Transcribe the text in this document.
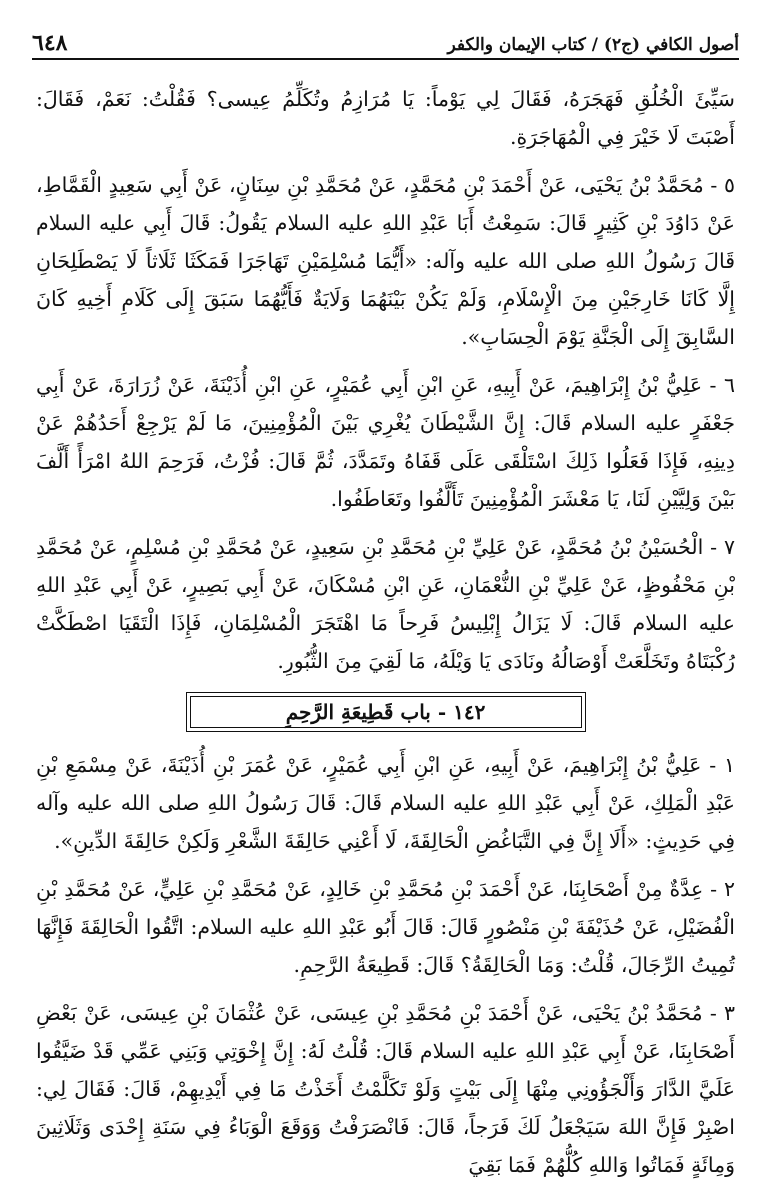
أصول الكافي (ج٢) / كتاب الإيمان والكفر
٦٤٨

سَيِّئَ الْخُلُقِ فَهَجَرَهُ، فَقَالَ لِي يَوْماً: يَا مُرَازِمُ وتُكَلِّمُ عِيسى؟ فَقُلْتُ: نَعَمْ، فَقَالَ: أَصْبَتَ لَا خَيْرَ فِي الْمُهَاجَرَةِ.

٥ - مُحَمَّدُ بْنُ يَحْيَى، عَنْ أَحْمَدَ بْنِ مُحَمَّدٍ، عَنْ مُحَمَّدِ بْنِ سِنَانٍ، عَنْ أَبِي سَعِيدٍ الْقَمَّاطِ، عَنْ دَاوُدَ بْنِ كَثِيرٍ قَالَ: سَمِعْتُ أَبَا عَبْدِ اللهِ عليه السلام يَقُولُ: قَالَ أَبِي عليه السلام قَالَ رَسُولُ اللهِ صلى الله عليه وآله: «أَيُّمَا مُسْلِمَيْنِ تَهَاجَرَا فَمَكَثَا ثَلَاثاً لَا يَصْطَلِحَانِ إِلَّا كَانَا خَارِجَيْنِ مِنَ الْإِسْلَامِ، وَلَمْ يَكُنْ بَيْنَهُمَا وَلَايَةٌ فَأَيُّهُمَا سَبَقَ إِلَى كَلَامِ أَخِيهِ كَانَ السَّابِقَ إِلَى الْجَنَّةِ يَوْمَ الْحِسَابِ».

٦ - عَلِيُّ بْنُ إِبْرَاهِيمَ، عَنْ أَبِيهِ، عَنِ ابْنِ أَبِي عُمَيْرٍ، عَنِ ابْنِ أُذَيْنَةَ، عَنْ زُرَارَةَ، عَنْ أَبِي جَعْفَرٍ عليه السلام قَالَ: إِنَّ الشَّيْطَانَ يُغْرِي بَيْنَ الْمُؤْمِنِينَ، مَا لَمْ يَرْجِعْ أَحَدُهُمْ عَنْ دِينِهِ، فَإِذَا فَعَلُوا ذَلِكَ اسْتَلْقَى عَلَى قَفَاهُ وتَمَدَّدَ، ثُمَّ قَالَ: فُزْتُ، فَرَحِمَ اللهُ امْرَأً أَلَّفَ بَيْنَ وَلِيَّيْنِ لَنَا، يَا مَعْشَرَ الْمُؤْمِنِينَ تَأَلَّفُوا وتَعَاطَفُوا.

٧ - الْحُسَيْنُ بْنُ مُحَمَّدٍ، عَنْ عَلِيِّ بْنِ مُحَمَّدِ بْنِ سَعِيدٍ، عَنْ مُحَمَّدِ بْنِ مُسْلِمٍ، عَنْ مُحَمَّدِ بْنِ مَحْفُوظٍ، عَنْ عَلِيِّ بْنِ النُّعْمَانِ، عَنِ ابْنِ مُسْكَانَ، عَنْ أَبِي بَصِيرٍ، عَنْ أَبِي عَبْدِ اللهِ عليه السلام قَالَ: لَا يَزَالُ إِبْلِيسُ فَرِحاً مَا اهْتَجَرَ الْمُسْلِمَانِ، فَإِذَا الْتَقَيَا اصْطَكَّتْ رُكْبَتَاهُ وتَخَلَّعَتْ أَوْصَالُهُ ونَادَى يَا وَيْلَهُ، مَا لَقِيَ مِنَ الثُّبُورِ.

١٤٢ - باب قَطِيعَةِ الرَّحِمِ

١ - عَلِيُّ بْنُ إِبْرَاهِيمَ، عَنْ أَبِيهِ، عَنِ ابْنِ أَبِي عُمَيْرٍ، عَنْ عُمَرَ بْنِ أُذَيْنَةَ، عَنْ مِسْمَعِ بْنِ عَبْدِ الْمَلِكِ، عَنْ أَبِي عَبْدِ اللهِ عليه السلام قَالَ: قَالَ رَسُولُ اللهِ صلى الله عليه وآله فِي حَدِيثٍ: «أَلَا إِنَّ فِي التَّبَاغُضِ الْحَالِقَةَ، لَا أَعْنِي حَالِقَةَ الشَّعْرِ وَلَكِنْ حَالِقَةَ الدِّينِ».

٢ - عِدَّةٌ مِنْ أَصْحَابِنَا، عَنْ أَحْمَدَ بْنِ مُحَمَّدِ بْنِ خَالِدٍ، عَنْ مُحَمَّدِ بْنِ عَلِيٍّ، عَنْ مُحَمَّدِ بْنِ الْفُضَيْلِ، عَنْ حُذَيْفَةَ بْنِ مَنْصُورٍ قَالَ: قَالَ أَبُو عَبْدِ اللهِ عليه السلام: اتَّقُوا الْحَالِقَةَ فَإِنَّهَا تُمِيتُ الرِّجَالَ، قُلْتُ: وَمَا الْحَالِقَةُ؟ قَالَ: قَطِيعَةُ الرَّحِمِ.

٣ - مُحَمَّدُ بْنُ يَحْيَى، عَنْ أَحْمَدَ بْنِ مُحَمَّدِ بْنِ عِيسَى، عَنْ عُثْمَانَ بْنِ عِيسَى، عَنْ بَعْضِ أَصْحَابِنَا، عَنْ أَبِي عَبْدِ اللهِ عليه السلام قَالَ: قُلْتُ لَهُ: إِنَّ إِخْوَتِي وَبَنِي عَمِّي قَدْ ضَيَّقُوا عَلَيَّ الدَّارَ وَأَلْجَؤُونِي مِنْهَا إِلَى بَيْتٍ وَلَوْ تَكَلَّمْتُ أَخَذْتُ مَا فِي أَيْدِيهِمْ، قَالَ: فَقَالَ لِي: اصْبِرْ فَإِنَّ اللهَ سَيَجْعَلُ لَكَ فَرَجاً، قَالَ: فَانْصَرَفْتُ وَوَقَعَ الْوَبَاءُ فِي سَنَةِ إِحْدَى وَثَلَاثِينَ وَمِائَةٍ فَمَاتُوا وَاللهِ كُلُّهُمْ فَمَا بَقِيَ
